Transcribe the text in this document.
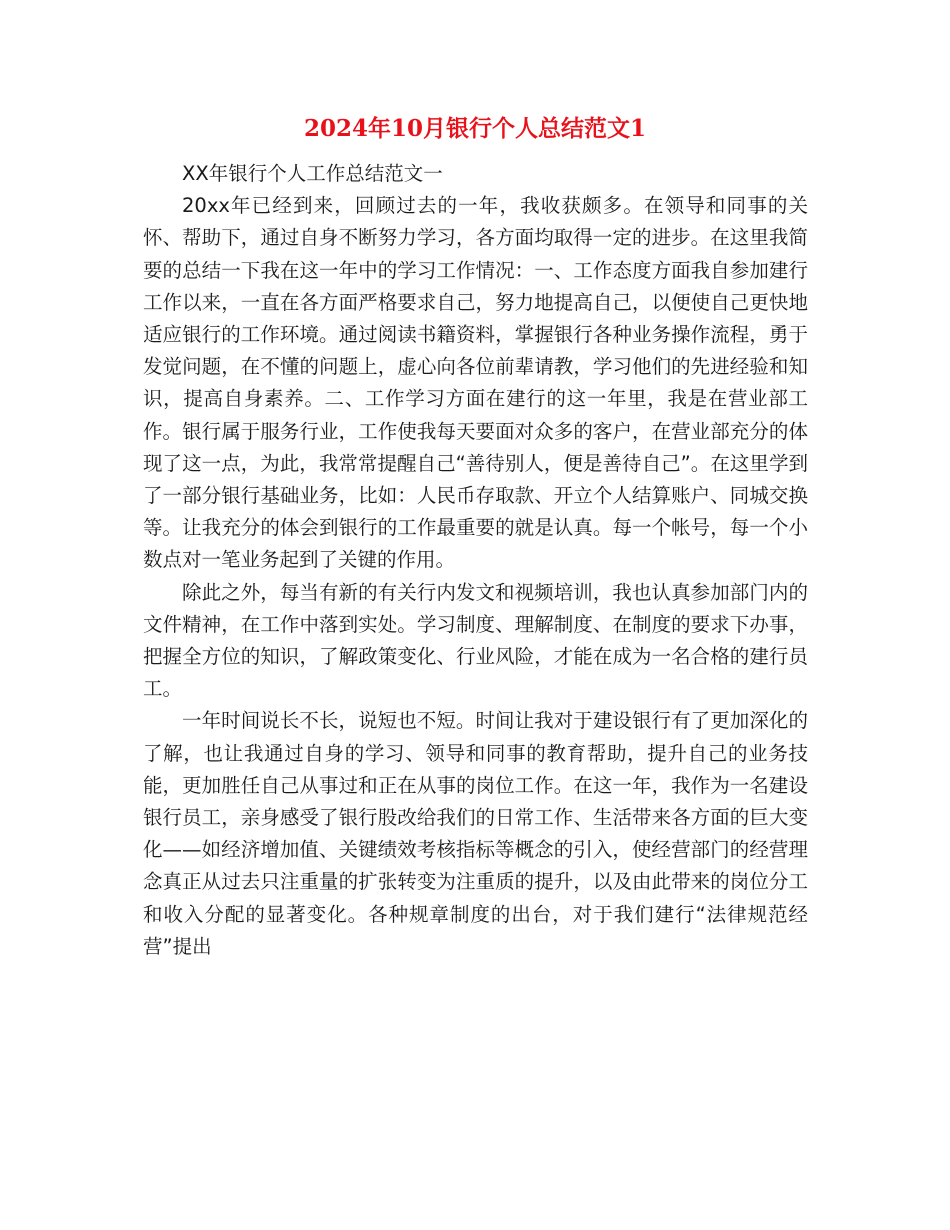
2024年10月银行个人总结范文1

XX年银行个人工作总结范文一

20xx年已经到来，回顾过去的一年，我收获颇多。在领导和同事的关怀、帮助下，通过自身不断努力学习，各方面均取得一定的进步。在这里我简要的总结一下我在这一年中的学习工作情况：一、工作态度方面我自参加建行工作以来，一直在各方面严格要求自己，努力地提高自己，以便使自己更快地适应银行的工作环境。通过阅读书籍资料，掌握银行各种业务操作流程，勇于发觉问题，在不懂的问题上，虚心向各位前辈请教，学习他们的先进经验和知识，提高自身素养。二、工作学习方面在建行的这一年里，我是在营业部工作。银行属于服务行业，工作使我每天要面对众多的客户，在营业部充分的体现了这一点，为此，我常常提醒自己“善待别人，便是善待自己”。在这里学到了一部分银行基础业务，比如：人民币存取款、开立个人结算账户、同城交换等。让我充分的体会到银行的工作最重要的就是认真。每一个帐号，每一个小数点对一笔业务起到了关键的作用。

除此之外，每当有新的有关行内发文和视频培训，我也认真参加部门内的文件精神，在工作中落到实处。学习制度、理解制度、在制度的要求下办事，把握全方位的知识，了解政策变化、行业风险，才能在成为一名合格的建行员工。

一年时间说长不长，说短也不短。时间让我对于建设银行有了更加深化的了解，也让我通过自身的学习、领导和同事的教育帮助，提升自己的业务技能，更加胜任自己从事过和正在从事的岗位工作。在这一年，我作为一名建设银行员工，亲身感受了银行股改给我们的日常工作、生活带来各方面的巨大变化——如经济增加值、关键绩效考核指标等概念的引入，使经营部门的经营理念真正从过去只注重量的扩张转变为注重质的提升，以及由此带来的岗位分工和收入分配的显著变化。各种规章制度的出台，对于我们建行“法律规范经营”提出
